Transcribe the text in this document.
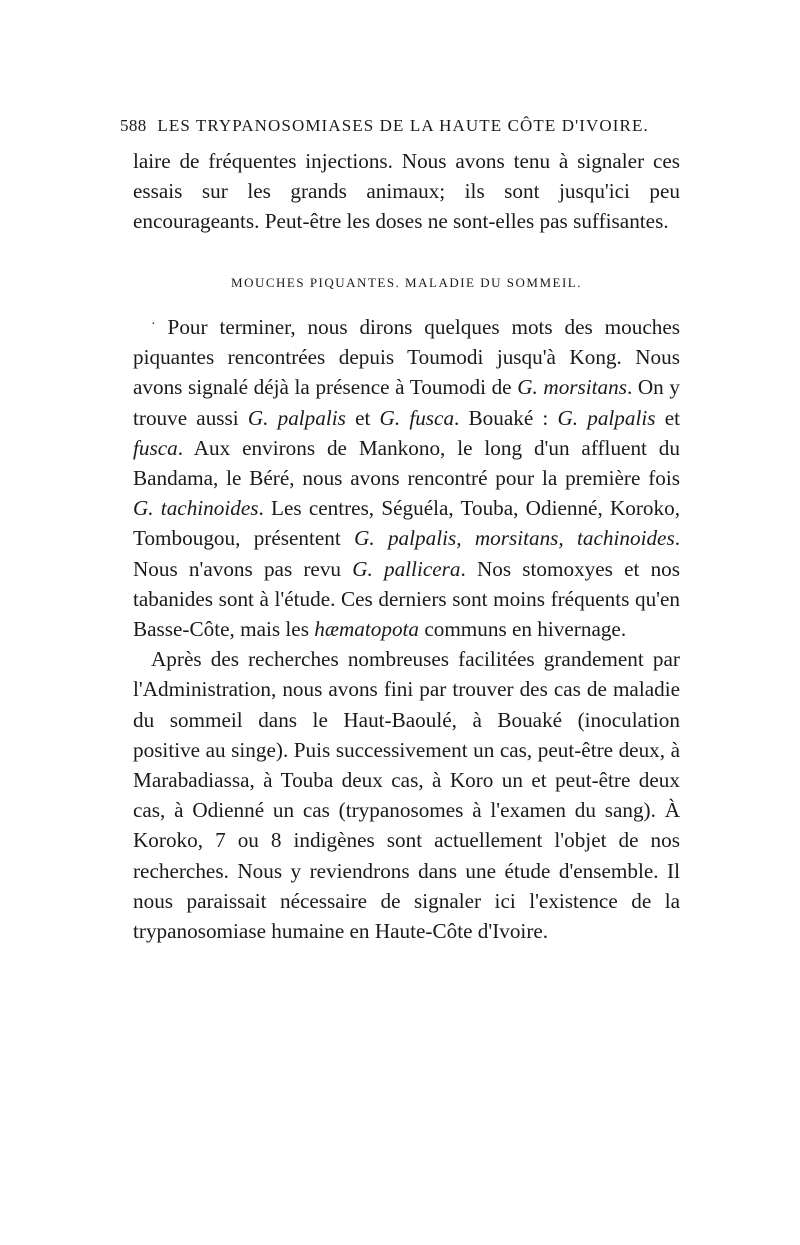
588 LES TRYPANOSOMIASES DE LA HAUTE CÔTE D'IVOIRE.

laire de fréquentes injections. Nous avons tenu à signaler ces essais sur les grands animaux; ils sont jusqu'ici peu encourageants. Peut-être les doses ne sont-elles pas suffisantes.

MOUCHES PIQUANTES. MALADIE DU SOMMEIL.

· Pour terminer, nous dirons quelques mots des mouches piquantes rencontrées depuis Toumodi jusqu'à Kong. Nous avons signalé déjà la présence à Toumodi de G. morsitans. On y trouve aussi G. palpalis et G. fusca. Bouaké : G. palpalis et fusca. Aux environs de Mankono, le long d'un affluent du Bandama, le Béré, nous avons rencontré pour la première fois G. tachinoides. Les centres, Séguéla, Touba, Odienné, Koroko, Tombougou, présentent G. palpalis, morsitans, tachinoides. Nous n'avons pas revu G. pallicera. Nos stomoxyes et nos tabanides sont à l'étude. Ces derniers sont moins fréquents qu'en Basse-Côte, mais les hæmatopota communs en hivernage.

Après des recherches nombreuses facilitées grandement par l'Administration, nous avons fini par trouver des cas de maladie du sommeil dans le Haut-Baoulé, à Bouaké (inoculation positive au singe). Puis successivement un cas, peut-être deux, à Marabadiassa, à Touba deux cas, à Koro un et peut-être deux cas, à Odienné un cas (trypanosomes à l'examen du sang). À Koroko, 7 ou 8 indigènes sont actuellement l'objet de nos recherches. Nous y reviendrons dans une étude d'ensemble. Il nous paraissait nécessaire de signaler ici l'existence de la trypanosomiase humaine en Haute-Côte d'Ivoire.
